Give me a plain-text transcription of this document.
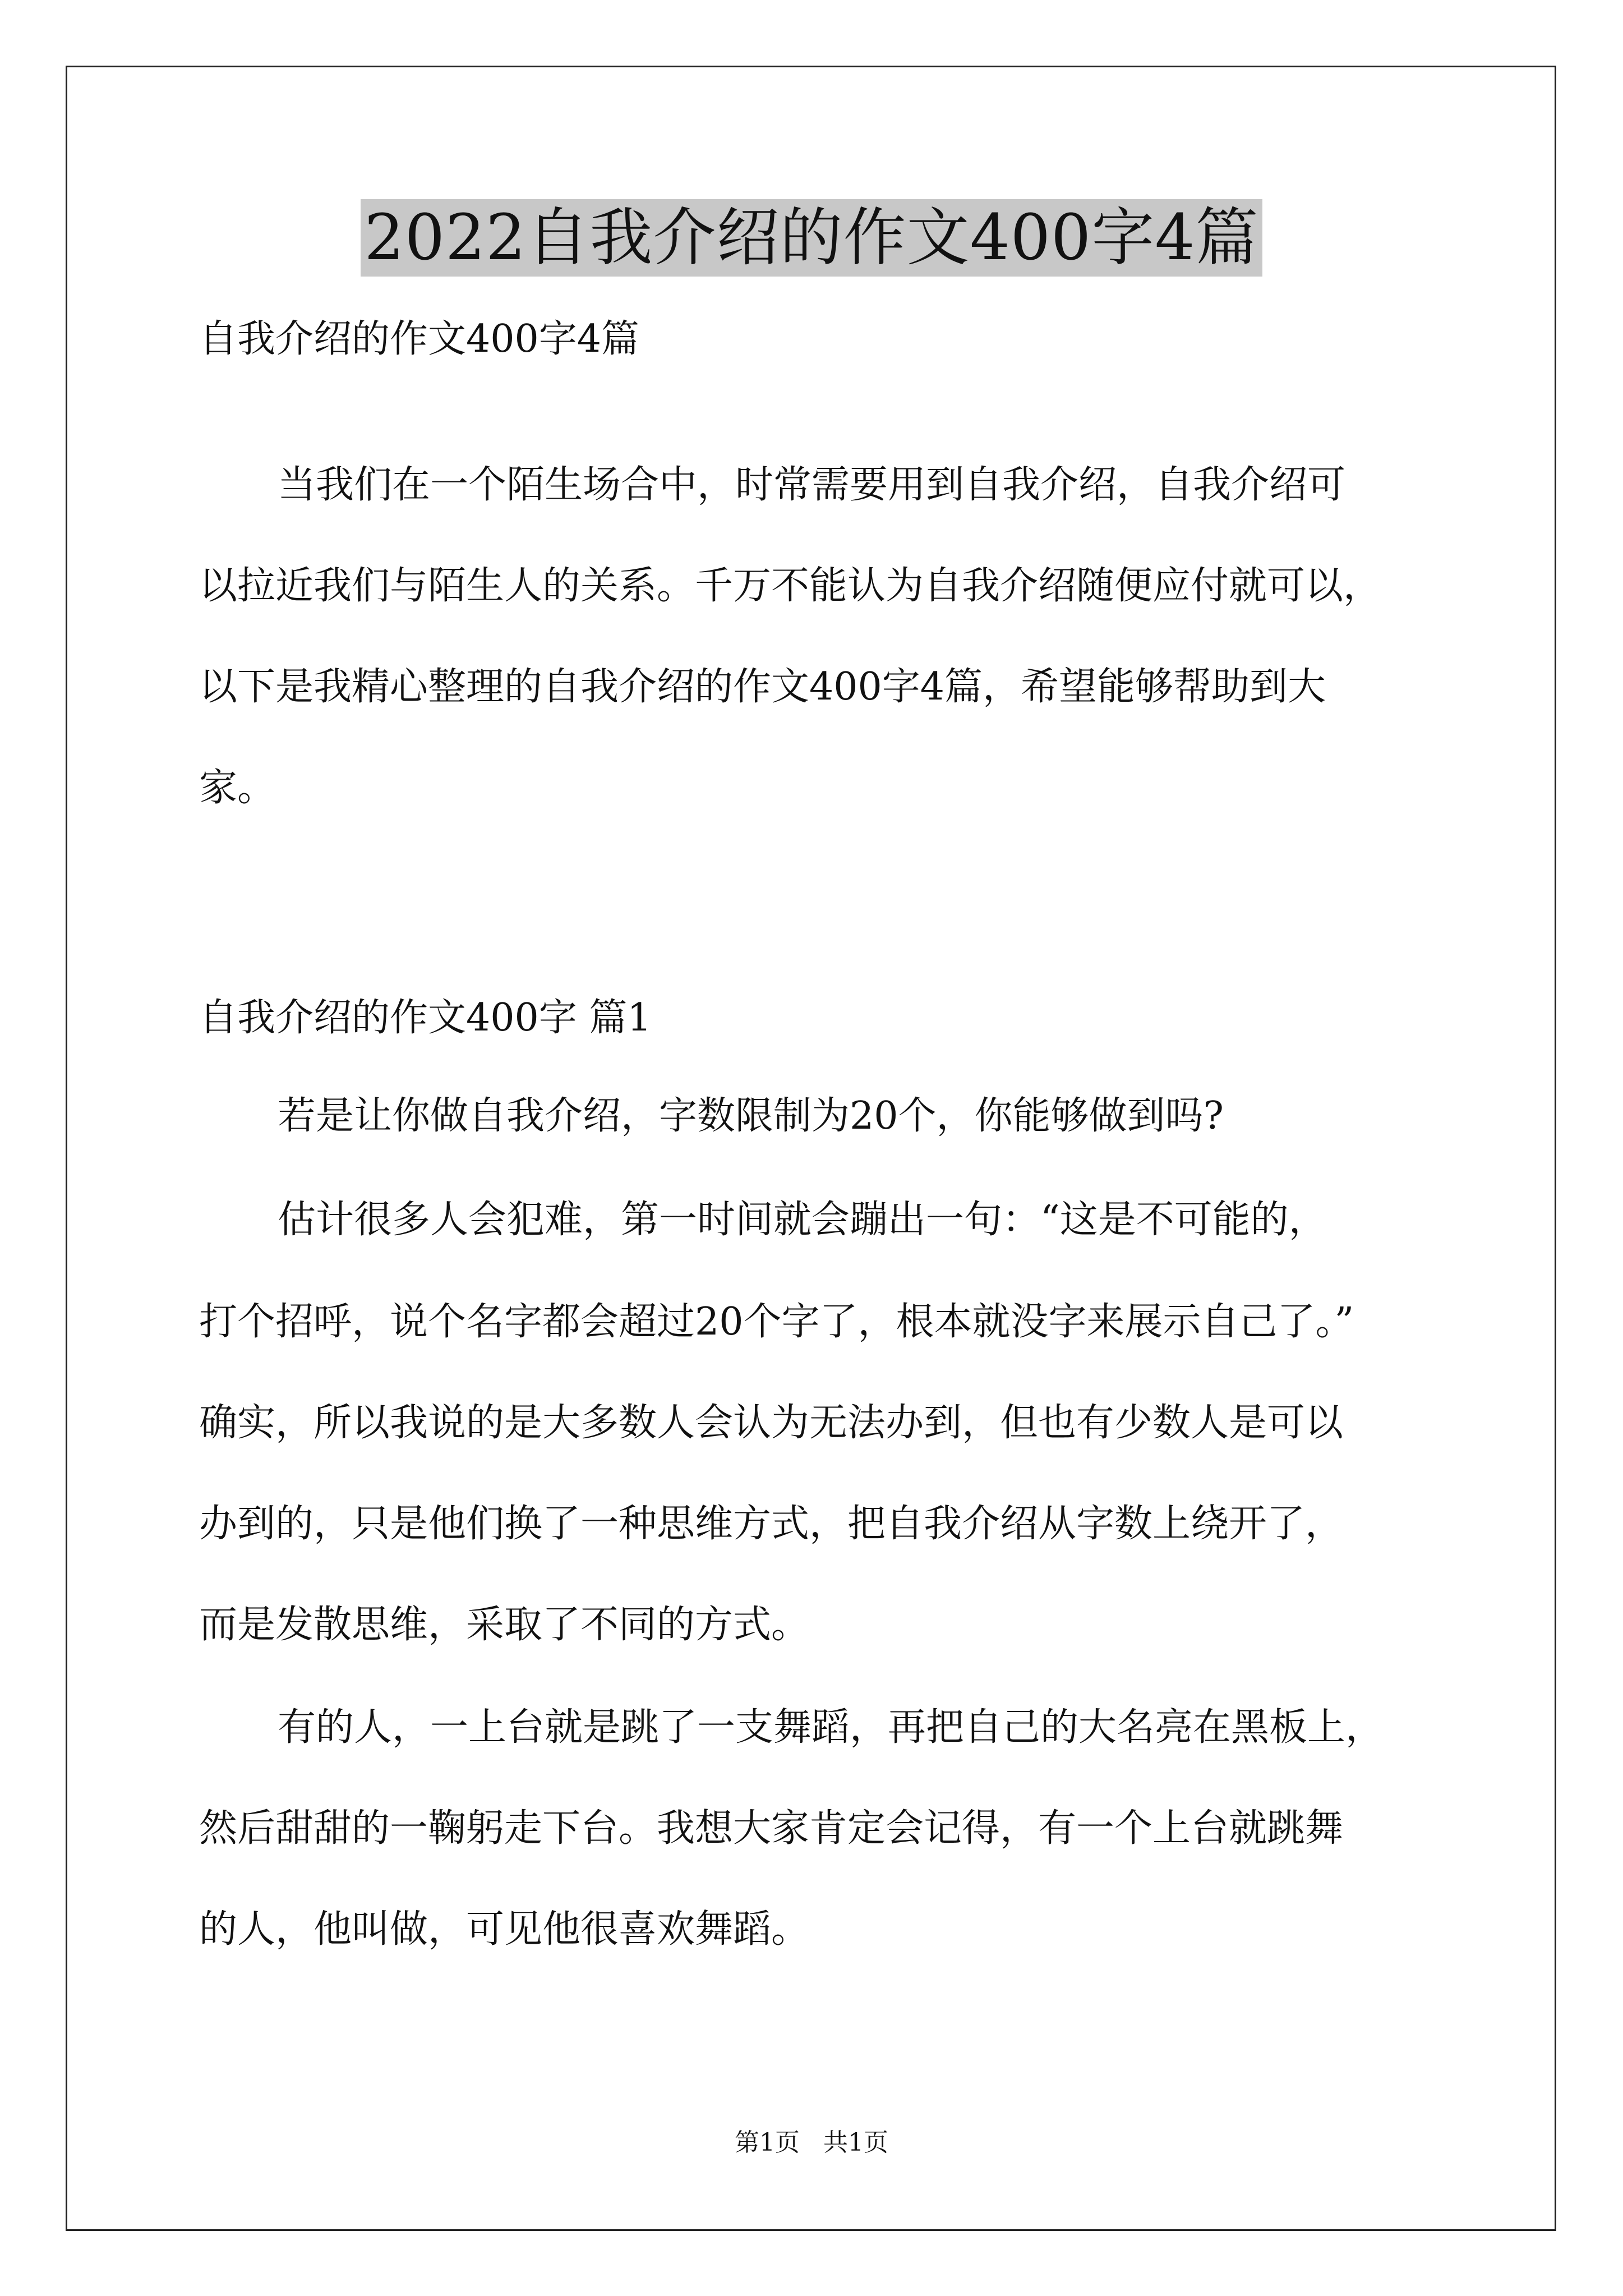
2022自我介绍的作文400字4篇
自我介绍的作文400字4篇
当我们在一个陌生场合中，时常需要用到自我介绍，自我介绍可
以拉近我们与陌生人的关系。千万不能认为自我介绍随便应付就可以，
以下是我精心整理的自我介绍的作文400字4篇，希望能够帮助到大
家。
自我介绍的作文400字 篇1
若是让你做自我介绍，字数限制为20个，你能够做到吗?
估计很多人会犯难，第一时间就会蹦出一句：“这是不可能的，
打个招呼，说个名字都会超过20个字了，根本就没字来展示自己了。”
确实，所以我说的是大多数人会认为无法办到，但也有少数人是可以
办到的，只是他们换了一种思维方式，把自我介绍从字数上绕开了，
而是发散思维，采取了不同的方式。
有的人，一上台就是跳了一支舞蹈，再把自己的大名亮在黑板上，
然后甜甜的一鞠躬走下台。我想大家肯定会记得，有一个上台就跳舞
的人，他叫做，可见他很喜欢舞蹈。
第1页   共1页
